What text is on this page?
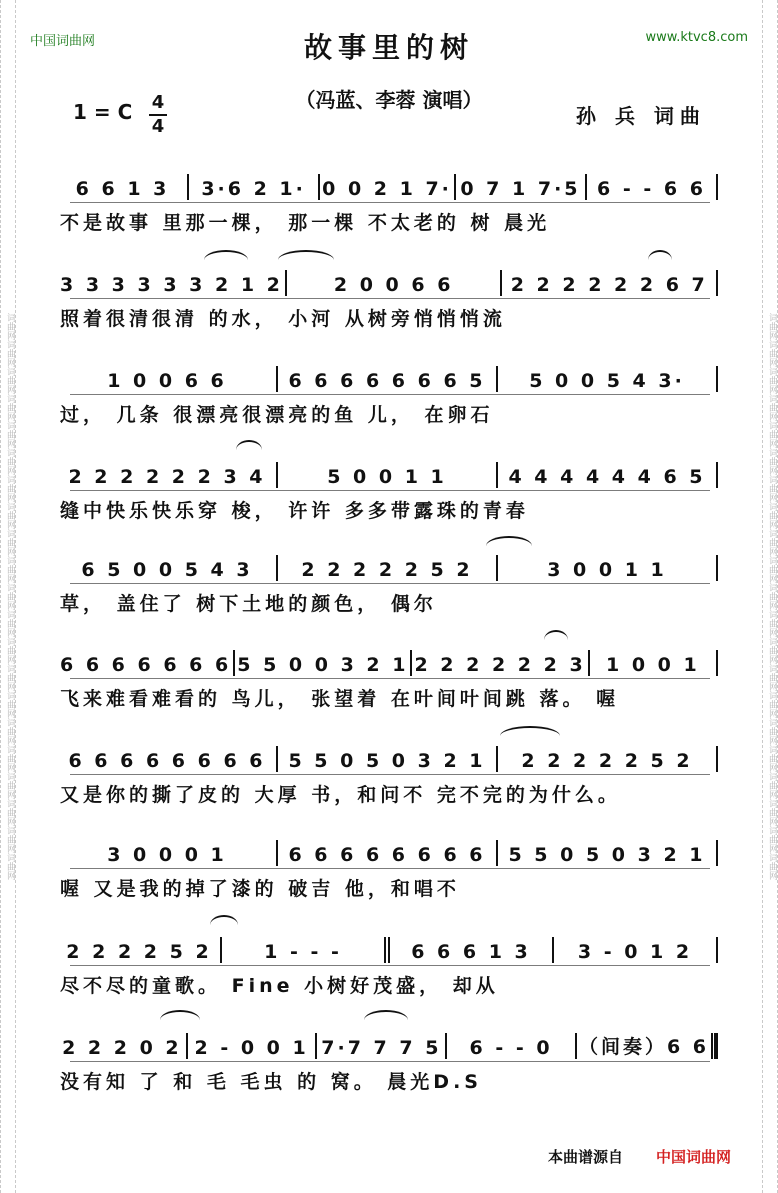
词曲网词曲网词曲网词曲网词曲网词曲网词曲网词曲网词曲网词曲网词曲网词曲网词曲网词曲网词曲网词曲网词曲网词曲网词曲网词曲网词曲网	词曲网词曲网词曲网词曲网词曲网词曲网词曲网词曲网词曲网词曲网词曲网词曲网词曲网词曲网词曲网词曲网词曲网词曲网词曲网词曲网词曲网
中国词曲网	www.ktvc8.com
故事里的树
（冯蓝、李蓉 演唱）
1 = C	4
4	孙 兵 词曲
6 6 1 3	3·6 2 1· 0 0 2 1 7· 0 7 1 7·5 6 - - 6 6
不是故事 里那一棵， 那一棵 不太老的 树 晨光
3 3 3 3 3 3 2 1 2	2 0 0 6 6	2 2 2 2 2 2 6 7
照着很清很清 的水， 小河 从树旁悄悄悄流
1 0 0 6 6	6 6 6 6 6 6 6 5	5 0 0 5 4 3·
过， 几条 很漂亮很漂亮的鱼 儿， 在卵石
2 2 2 2 2 2 3 4	5 0 0 1 1	4 4 4 4 4 4 6 5
缝中快乐快乐穿 梭， 许许 多多带露珠的青春
6 5 0 0 5 4 3	2 2 2 2 2 5 2	3 0 0 1 1
草， 盖住了 树下土地的颜色， 偶尔
6 6 6 6 6 6 6 5 5 0 0 3 2 1 2 2 2 2 2 2 3	1 0 0 1
飞来难看难看的 鸟儿， 张望着 在叶间叶间跳 落。 喔
6 6 6 6 6 6 6 6	5 5 0 5 0 3 2 1	2 2 2 2 2 5 2
又是你的撕了皮的 大厚 书，和问不 完不完的为什么。
3 0 0 0 1	6 6 6 6 6 6 6 6	5 5 0 5 0 3 2 1
喔 又是我的掉了漆的 破吉 他，和唱不
2 2 2 2 5 2	1 - - -	6 6 6 1 3	3 - 0 1 2
尽不尽的童歌。 Fine 小树好茂盛， 却从
2 2 2 0 2 2 - 0 0 1 7·7 7 7 5	6 - - 0	（间奏）6 6
没有知 了 和 毛 毛虫 的 窝。 晨光D.S
本曲谱源自 中国词曲网
